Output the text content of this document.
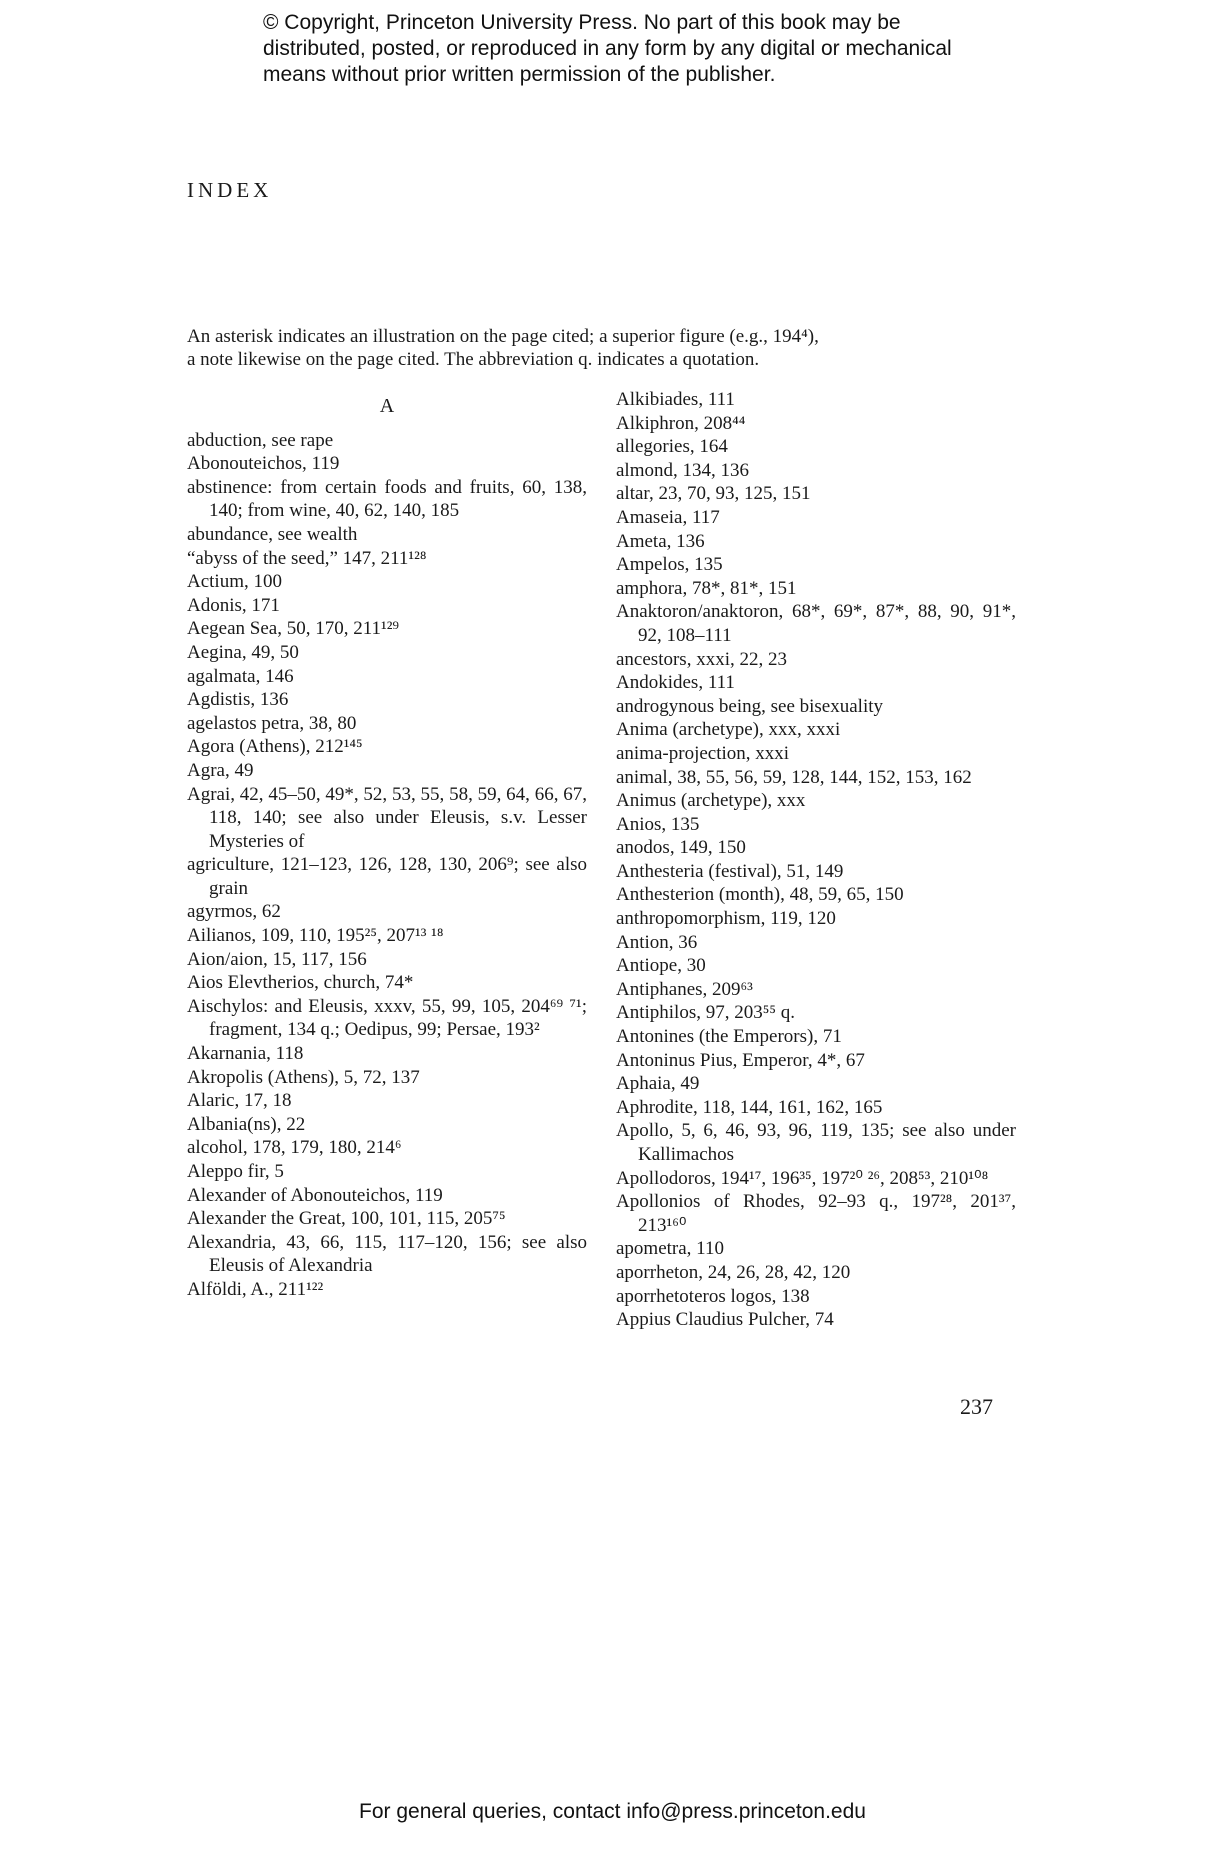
© Copyright, Princeton University Press. No part of this book may be
distributed, posted, or reproduced in any form by any digital or mechanical
means without prior written permission of the publisher.
INDEX
An asterisk indicates an illustration on the page cited; a superior figure (e.g., 194⁴),
a note likewise on the page cited. The abbreviation q. indicates a quotation.
A
abduction, see rape
Abonouteichos, 119
abstinence: from certain foods and fruits, 60, 138, 140; from wine, 40, 62, 140, 185
abundance, see wealth
“abyss of the seed,” 147, 211¹²⁸
Actium, 100
Adonis, 171
Aegean Sea, 50, 170, 211¹²⁹
Aegina, 49, 50
agalmata, 146
Agdistis, 136
agelastos petra, 38, 80
Agora (Athens), 212¹⁴⁵
Agra, 49
Agrai, 42, 45–50, 49*, 52, 53, 55, 58, 59, 64, 66, 67, 118, 140; see also under Eleusis, s.v. Lesser Mysteries of
agriculture, 121–123, 126, 128, 130, 206⁹; see also grain
agyrmos, 62
Ailianos, 109, 110, 195²⁵, 207¹³ ¹⁸
Aion/aion, 15, 117, 156
Aios Elevtherios, church, 74*
Aischylos: and Eleusis, xxxv, 55, 99, 105, 204⁶⁹ ⁷¹; fragment, 134 q.; Oedipus, 99; Persae, 193²
Akarnania, 118
Akropolis (Athens), 5, 72, 137
Alaric, 17, 18
Albania(ns), 22
alcohol, 178, 179, 180, 214⁶
Aleppo fir, 5
Alexander of Abonouteichos, 119
Alexander the Great, 100, 101, 115, 205⁷⁵
Alexandria, 43, 66, 115, 117–120, 156; see also Eleusis of Alexandria
Alföldi, A., 211¹²²
Alkibiades, 111
Alkiphron, 208⁴⁴
allegories, 164
almond, 134, 136
altar, 23, 70, 93, 125, 151
Amaseia, 117
Ameta, 136
Ampelos, 135
amphora, 78*, 81*, 151
Anaktoron/anaktoron, 68*, 69*, 87*, 88, 90, 91*, 92, 108–111
ancestors, xxxi, 22, 23
Andokides, 111
androgynous being, see bisexuality
Anima (archetype), xxx, xxxi
anima-projection, xxxi
animal, 38, 55, 56, 59, 128, 144, 152, 153, 162
Animus (archetype), xxx
Anios, 135
anodos, 149, 150
Anthesteria (festival), 51, 149
Anthesterion (month), 48, 59, 65, 150
anthropomorphism, 119, 120
Antion, 36
Antiope, 30
Antiphanes, 209⁶³
Antiphilos, 97, 203⁵⁵ q.
Antonines (the Emperors), 71
Antoninus Pius, Emperor, 4*, 67
Aphaia, 49
Aphrodite, 118, 144, 161, 162, 165
Apollo, 5, 6, 46, 93, 96, 119, 135; see also under Kallimachos
Apollodoros, 194¹⁷, 196³⁵, 197²⁰ ²⁶, 208⁵³, 210¹⁰⁸
Apollonios of Rhodes, 92–93 q., 197²⁸, 201³⁷, 213¹⁶⁰
apometra, 110
aporrheton, 24, 26, 28, 42, 120
aporrhetoteros logos, 138
Appius Claudius Pulcher, 74
237
For general queries, contact info@press.princeton.edu
